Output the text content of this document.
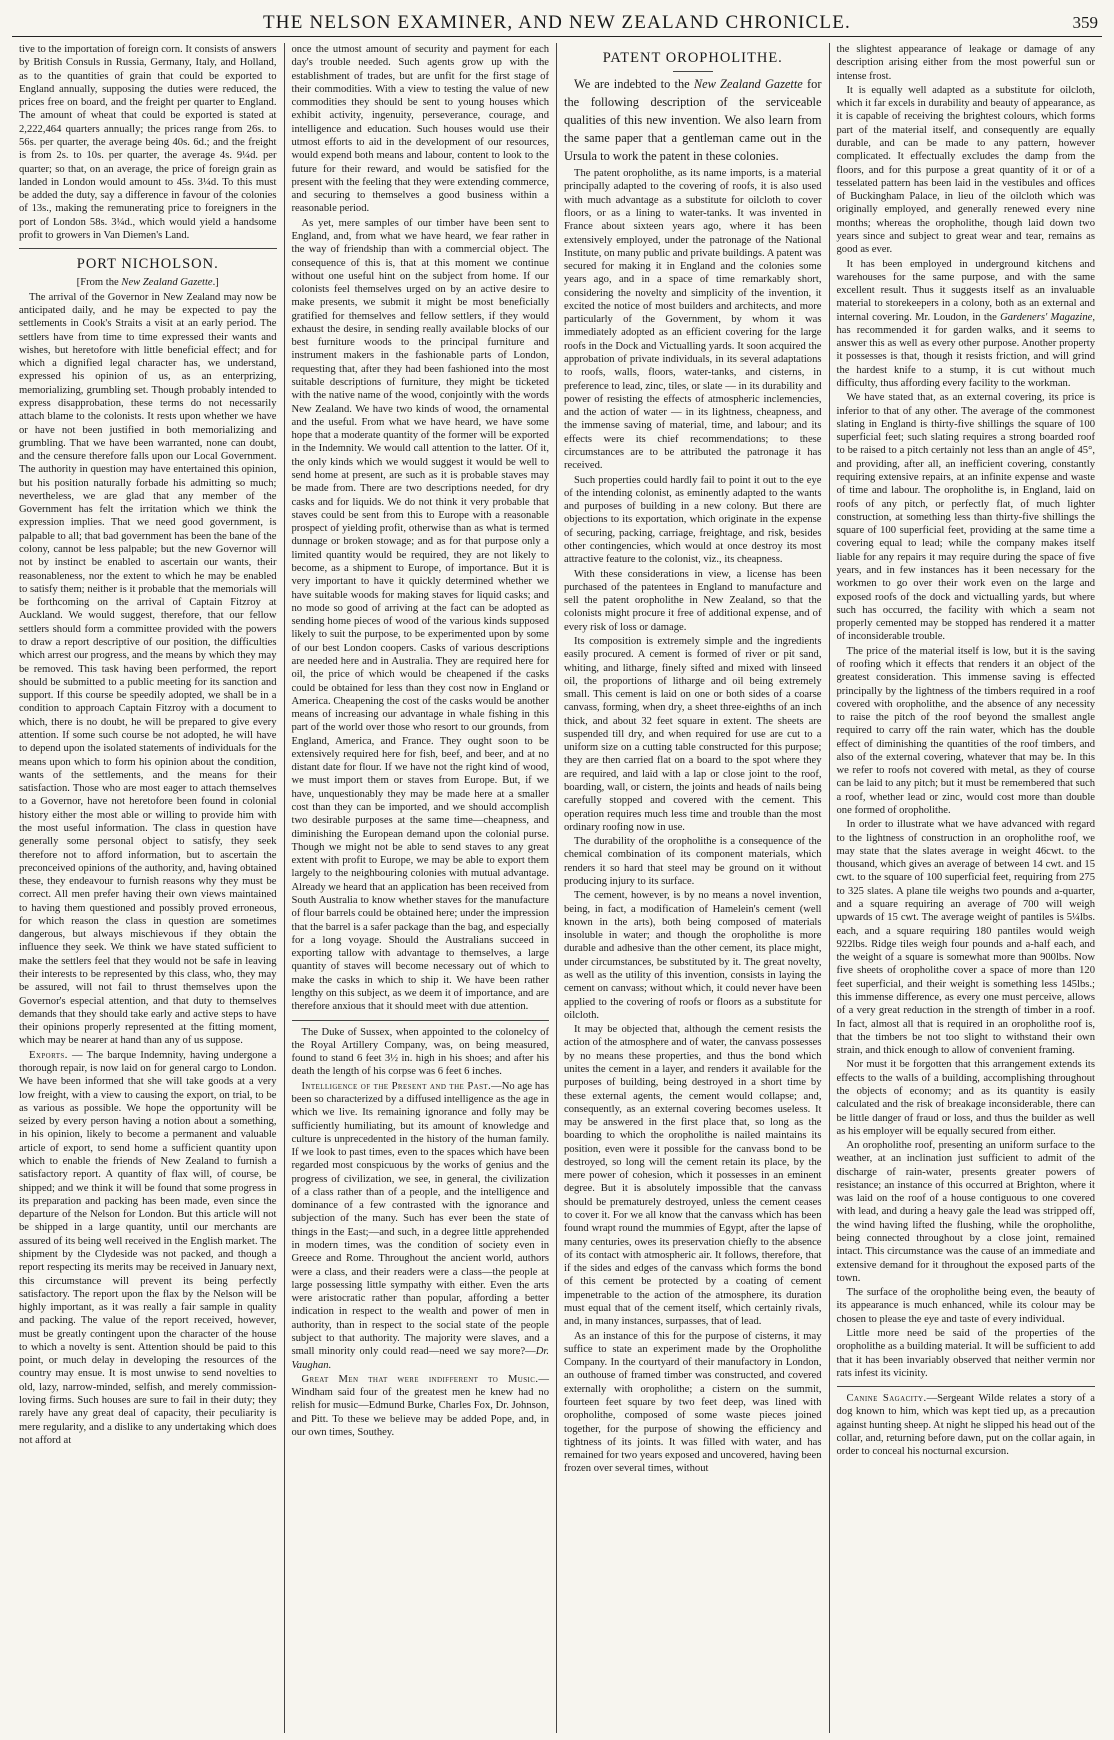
THE NELSON EXAMINER, AND NEW ZEALAND CHRONICLE.	359

tive to the importation of foreign corn. It consists of answers by British Consuls in Russia, Germany, Italy, and Holland, as to the quantities of grain that could be exported to England annually, supposing the duties were reduced, the prices free on board, and the freight per quarter to England. The amount of wheat that could be exported is stated at 2,222,464 quarters annually; the prices range from 26s. to 56s. per quarter, the average being 40s. 6d.; and the freight is from 2s. to 10s. per quarter, the average 4s. 9¼d. per quarter; so that, on an average, the price of foreign grain as landed in London would amount to 45s. 3¼d. To this must be added the duty, say a difference in favour of the colonies of 13s., making the remunerating price to foreigners in the port of London 58s. 3¼d., which would yield a handsome profit to growers in Van Diemen's Land.

PORT NICHOLSON.

[From the New Zealand Gazette.]

The arrival of the Governor in New Zealand may now be anticipated daily, and he may be expected to pay the settlements in Cook's Straits a visit at an early period. The settlers have from time to time expressed their wants and wishes, but heretofore with little beneficial effect; and for which a dignified legal character has, we understand, expressed his opinion of us, as an enterprizing, memorializing, grumbling set. Though probably intended to express disapprobation, these terms do not necessarily attach blame to the colonists. It rests upon whether we have or have not been justified in both memorializing and grumbling. That we have been warranted, none can doubt, and the censure therefore falls upon our Local Government. The authority in question may have entertained this opinion, but his position naturally forbade his admitting so much; nevertheless, we are glad that any member of the Government has felt the irritation which we think the expression implies. That we need good government, is palpable to all; that bad government has been the bane of the colony, cannot be less palpable; but the new Governor will not by instinct be enabled to ascertain our wants, their reasonableness, nor the extent to which he may be enabled to satisfy them; neither is it probable that the memorials will be forthcoming on the arrival of Captain Fitzroy at Auckland. We would suggest, therefore, that our fellow settlers should form a committee provided with the powers to draw a report descriptive of our position, the difficulties which arrest our progress, and the means by which they may be removed. This task having been performed, the report should be submitted to a public meeting for its sanction and support. If this course be speedily adopted, we shall be in a condition to approach Captain Fitzroy with a document to which, there is no doubt, he will be prepared to give every attention. If some such course be not adopted, he will have to depend upon the isolated statements of individuals for the means upon which to form his opinion about the condition, wants of the settlements, and the means for their satisfaction. Those who are most eager to attach themselves to a Governor, have not heretofore been found in colonial history either the most able or willing to provide him with the most useful information. The class in question have generally some personal object to satisfy, they seek therefore not to afford information, but to ascertain the preconceived opinions of the authority, and, having obtained these, they endeavour to furnish reasons why they must be correct. All men prefer having their own views maintained to having them questioned and possibly proved erroneous, for which reason the class in question are sometimes dangerous, but always mischievous if they obtain the influence they seek. We think we have stated sufficient to make the settlers feel that they would not be safe in leaving their interests to be represented by this class, who, they may be assured, will not fail to thrust themselves upon the Governor's especial attention, and that duty to themselves demands that they should take early and active steps to have their opinions properly represented at the fitting moment, which may be nearer at hand than any of us suppose.

Exports. — The barque Indemnity, having undergone a thorough repair, is now laid on for general cargo to London. We have been informed that she will take goods at a very low freight, with a view to causing the export, on trial, to be as various as possible. We hope the opportunity will be seized by every person having a notion about a something, in his opinion, likely to become a permanent and valuable article of export, to send home a sufficient quantity upon which to enable the friends of New Zealand to furnish a satisfactory report. A quantity of flax will, of course, be shipped; and we think it will be found that some progress in its preparation and packing has been made, even since the departure of the Nelson for London. But this article will not be shipped in a large quantity, until our merchants are assured of its being well received in the English market. The shipment by the Clydeside was not packed, and though a report respecting its merits may be received in January next, this circumstance will prevent its being perfectly satisfactory. The report upon the flax by the Nelson will be highly important, as it was really a fair sample in quality and packing. The value of the report received, however, must be greatly contingent upon the character of the house to which a novelty is sent. Attention should be paid to this point, or much delay in developing the resources of the country may ensue. It is most unwise to send novelties to old, lazy, narrow-minded, selfish, and merely commission-loving firms. Such houses are sure to fail in their duty; they rarely have any great deal of capacity, their peculiarity is mere regularity, and a dislike to any undertaking which does not afford at

once the utmost amount of security and payment for each day's trouble needed. Such agents grow up with the establishment of trades, but are unfit for the first stage of their commodities. With a view to testing the value of new commodities they should be sent to young houses which exhibit activity, ingenuity, perseverance, courage, and intelligence and education. Such houses would use their utmost efforts to aid in the development of our resources, would expend both means and labour, content to look to the future for their reward, and would be satisfied for the present with the feeling that they were extending commerce, and securing to themselves a good business within a reasonable period.

As yet, mere samples of our timber have been sent to England, and, from what we have heard, we fear rather in the way of friendship than with a commercial object. The consequence of this is, that at this moment we continue without one useful hint on the subject from home. If our colonists feel themselves urged on by an active desire to make presents, we submit it might be most beneficially gratified for themselves and fellow settlers, if they would exhaust the desire, in sending really available blocks of our best furniture woods to the principal furniture and instrument makers in the fashionable parts of London, requesting that, after they had been fashioned into the most suitable descriptions of furniture, they might be ticketed with the native name of the wood, conjointly with the words New Zealand. We have two kinds of wood, the ornamental and the useful. From what we have heard, we have some hope that a moderate quantity of the former will be exported in the Indemnity. We would call attention to the latter. Of it, the only kinds which we would suggest it would be well to send home at present, are such as it is probable staves may be made from. There are two descriptions needed, for dry casks and for liquids. We do not think it very probable that staves could be sent from this to Europe with a reasonable prospect of yielding profit, otherwise than as what is termed dunnage or broken stowage; and as for that purpose only a limited quantity would be required, they are not likely to become, as a shipment to Europe, of importance. But it is very important to have it quickly determined whether we have suitable woods for making staves for liquid casks; and no mode so good of arriving at the fact can be adopted as sending home pieces of wood of the various kinds supposed likely to suit the purpose, to be experimented upon by some of our best London coopers. Casks of various descriptions are needed here and in Australia. They are required here for oil, the price of which would be cheapened if the casks could be obtained for less than they cost now in England or America. Cheapening the cost of the casks would be another means of increasing our advantage in whale fishing in this part of the world over those who resort to our grounds, from England, America, and France. They ought soon to be extensively required here for fish, beef, and beer, and at no distant date for flour. If we have not the right kind of wood, we must import them or staves from Europe. But, if we have, unquestionably they may be made here at a smaller cost than they can be imported, and we should accomplish two desirable purposes at the same time—cheapness, and diminishing the European demand upon the colonial purse. Though we might not be able to send staves to any great extent with profit to Europe, we may be able to export them largely to the neighbouring colonies with mutual advantage. Already we heard that an application has been received from South Australia to know whether staves for the manufacture of flour barrels could be obtained here; under the impression that the barrel is a safer package than the bag, and especially for a long voyage. Should the Australians succeed in exporting tallow with advantage to themselves, a large quantity of staves will become necessary out of which to make the casks in which to ship it. We have been rather lengthy on this subject, as we deem it of importance, and are therefore anxious that it should meet with due attention.

The Duke of Sussex, when appointed to the colonelcy of the Royal Artillery Company, was, on being measured, found to stand 6 feet 3½ in. high in his shoes; and after his death the length of his corpse was 6 feet 6 inches.

Intelligence of the Present and the Past.—No age has been so characterized by a diffused intelligence as the age in which we live. Its remaining ignorance and folly may be sufficiently humiliating, but its amount of knowledge and culture is unprecedented in the history of the human family. If we look to past times, even to the spaces which have been regarded most conspicuous by the works of genius and the progress of civilization, we see, in general, the civilization of a class rather than of a people, and the intelligence and dominance of a few contrasted with the ignorance and subjection of the many. Such has ever been the state of things in the East;—and such, in a degree little apprehended in modern times, was the condition of society even in Greece and Rome. Throughout the ancient world, authors were a class, and their readers were a class—the people at large possessing little sympathy with either. Even the arts were aristocratic rather than popular, affording a better indication in respect to the wealth and power of men in authority, than in respect to the social state of the people subject to that authority. The majority were slaves, and a small minority only could read—need we say more?—Dr. Vaughan.

Great Men that were indifferent to Music.—Windham said four of the greatest men he knew had no relish for music—Edmund Burke, Charles Fox, Dr. Johnson, and Pitt. To these we believe may be added Pope, and, in our own times, Southey.

PATENT OROPHOLITHE.

We are indebted to the New Zealand Gazette for the following description of the serviceable qualities of this new invention. We also learn from the same paper that a gentleman came out in the Ursula to work the patent in these colonies.

The patent oropholithe, as its name imports, is a material principally adapted to the covering of roofs, it is also used with much advantage as a substitute for oilcloth to cover floors, or as a lining to water-tanks. It was invented in France about sixteen years ago, where it has been extensively employed, under the patronage of the National Institute, on many public and private buildings. A patent was secured for making it in England and the colonies some years ago, and in a space of time remarkably short, considering the novelty and simplicity of the invention, it excited the notice of most builders and architects, and more particularly of the Government, by whom it was immediately adopted as an efficient covering for the large roofs in the Dock and Victualling yards. It soon acquired the approbation of private individuals, in its several adaptations to roofs, walls, floors, water-tanks, and cisterns, in preference to lead, zinc, tiles, or slate — in its durability and power of resisting the effects of atmospheric inclemencies, and the action of water — in its lightness, cheapness, and the immense saving of material, time, and labour; and its effects were its chief recommendations; to these circumstances are to be attributed the patronage it has received.

Such properties could hardly fail to point it out to the eye of the intending colonist, as eminently adapted to the wants and purposes of building in a new colony. But there are objections to its exportation, which originate in the expense of securing, packing, carriage, freightage, and risk, besides other contingencies, which would at once destroy its most attractive feature to the colonist, viz., its cheapness.

With these considerations in view, a license has been purchased of the patentees in England to manufacture and sell the patent oropholithe in New Zealand, so that the colonists might procure it free of additional expense, and of every risk of loss or damage.

Its composition is extremely simple and the ingredients easily procured. A cement is formed of river or pit sand, whiting, and litharge, finely sifted and mixed with linseed oil, the proportions of litharge and oil being extremely small. This cement is laid on one or both sides of a coarse canvass, forming, when dry, a sheet three-eighths of an inch thick, and about 32 feet square in extent. The sheets are suspended till dry, and when required for use are cut to a uniform size on a cutting table constructed for this purpose; they are then carried flat on a board to the spot where they are required, and laid with a lap or close joint to the roof, boarding, wall, or cistern, the joints and heads of nails being carefully stopped and covered with the cement. This operation requires much less time and trouble than the most ordinary roofing now in use.

The durability of the oropholithe is a consequence of the chemical combination of its component materials, which renders it so hard that steel may be ground on it without producing injury to its surface.

The cement, however, is by no means a novel invention, being, in fact, a modification of Hamelein's cement (well known in the arts), both being composed of materials insoluble in water; and though the oropholithe is more durable and adhesive than the other cement, its place might, under circumstances, be substituted by it. The great novelty, as well as the utility of this invention, consists in laying the cement on canvass; without which, it could never have been applied to the covering of roofs or floors as a substitute for oilcloth.

It may be objected that, although the cement resists the action of the atmosphere and of water, the canvass possesses by no means these properties, and thus the bond which unites the cement in a layer, and renders it available for the purposes of building, being destroyed in a short time by these external agents, the cement would collapse; and, consequently, as an external covering becomes useless. It may be answered in the first place that, so long as the boarding to which the oropholithe is nailed maintains its position, even were it possible for the canvass bond to be destroyed, so long will the cement retain its place, by the mere power of cohesion, which it possesses in an eminent degree. But it is absolutely impossible that the canvass should be prematurely destroyed, unless the cement ceases to cover it. For we all know that the canvass which has been found wrapt round the mummies of Egypt, after the lapse of many centuries, owes its preservation chiefly to the absence of its contact with atmospheric air. It follows, therefore, that if the sides and edges of the canvass which forms the bond of this cement be protected by a coating of cement impenetrable to the action of the atmosphere, its duration must equal that of the cement itself, which certainly rivals, and, in many instances, surpasses, that of lead.

As an instance of this for the purpose of cisterns, it may suffice to state an experiment made by the Oropholithe Company. In the courtyard of their manufactory in London, an outhouse of framed timber was constructed, and covered externally with oropholithe; a cistern on the summit, fourteen feet square by two feet deep, was lined with oropholithe, composed of some waste pieces joined together, for the purpose of showing the efficiency and tightness of its joints. It was filled with water, and has remained for two years exposed and uncovered, having been frozen over several times, without

the slightest appearance of leakage or damage of any description arising either from the most powerful sun or intense frost.

It is equally well adapted as a substitute for oilcloth, which it far excels in durability and beauty of appearance, as it is capable of receiving the brightest colours, which forms part of the material itself, and consequently are equally durable, and can be made to any pattern, however complicated. It effectually excludes the damp from the floors, and for this purpose a great quantity of it or of a tesselated pattern has been laid in the vestibules and offices of Buckingham Palace, in lieu of the oilcloth which was originally employed, and generally renewed every nine months; whereas the oropholithe, though laid down two years since and subject to great wear and tear, remains as good as ever.

It has been employed in underground kitchens and warehouses for the same purpose, and with the same excellent result. Thus it suggests itself as an invaluable material to storekeepers in a colony, both as an external and internal covering. Mr. Loudon, in the Gardeners' Magazine, has recommended it for garden walks, and it seems to answer this as well as every other purpose. Another property it possesses is that, though it resists friction, and will grind the hardest knife to a stump, it is cut without much difficulty, thus affording every facility to the workman.

We have stated that, as an external covering, its price is inferior to that of any other. The average of the commonest slating in England is thirty-five shillings the square of 100 superficial feet; such slating requires a strong boarded roof to be raised to a pitch certainly not less than an angle of 45°, and providing, after all, an inefficient covering, constantly requiring extensive repairs, at an infinite expense and waste of time and labour. The oropholithe is, in England, laid on roofs of any pitch, or perfectly flat, of much lighter construction, at something less than thirty-five shillings the square of 100 superficial feet, providing at the same time a covering equal to lead; while the company makes itself liable for any repairs it may require during the space of five years, and in few instances has it been necessary for the workmen to go over their work even on the large and exposed roofs of the dock and victualling yards, but where such has occurred, the facility with which a seam not properly cemented may be stopped has rendered it a matter of inconsiderable trouble.

The price of the material itself is low, but it is the saving of roofing which it effects that renders it an object of the greatest consideration. This immense saving is effected principally by the lightness of the timbers required in a roof covered with oropholithe, and the absence of any necessity to raise the pitch of the roof beyond the smallest angle required to carry off the rain water, which has the double effect of diminishing the quantities of the roof timbers, and also of the external covering, whatever that may be. In this we refer to roofs not covered with metal, as they of course can be laid to any pitch; but it must be remembered that such a roof, whether lead or zinc, would cost more than double one formed of oropholithe.

In order to illustrate what we have advanced with regard to the lightness of construction in an oropholithe roof, we may state that the slates average in weight 46cwt. to the thousand, which gives an average of between 14 cwt. and 15 cwt. to the square of 100 superficial feet, requiring from 275 to 325 slates. A plane tile weighs two pounds and a-quarter, and a square requiring an average of 700 will weigh upwards of 15 cwt. The average weight of pantiles is 5¼lbs. each, and a square requiring 180 pantiles would weigh 922lbs. Ridge tiles weigh four pounds and a-half each, and the weight of a square is somewhat more than 900lbs. Now five sheets of oropholithe cover a space of more than 120 feet superficial, and their weight is something less 145lbs.; this immense difference, as every one must perceive, allows of a very great reduction in the strength of timber in a roof. In fact, almost all that is required in an oropholithe roof is, that the timbers be not too slight to withstand their own strain, and thick enough to allow of convenient framing.

Nor must it be forgotten that this arrangement extends its effects to the walls of a building, accomplishing throughout the objects of economy; and as its quantity is easily calculated and the risk of breakage inconsiderable, there can be little danger of fraud or loss, and thus the builder as well as his employer will be equally secured from either.

An oropholithe roof, presenting an uniform surface to the weather, at an inclination just sufficient to admit of the discharge of rain-water, presents greater powers of resistance; an instance of this occurred at Brighton, where it was laid on the roof of a house contiguous to one covered with lead, and during a heavy gale the lead was stripped off, the wind having lifted the flushing, while the oropholithe, being connected throughout by a close joint, remained intact. This circumstance was the cause of an immediate and extensive demand for it throughout the exposed parts of the town.

The surface of the oropholithe being even, the beauty of its appearance is much enhanced, while its colour may be chosen to please the eye and taste of every individual.

Little more need be said of the properties of the oropholithe as a building material. It will be sufficient to add that it has been invariably observed that neither vermin nor rats infest its vicinity.

Canine Sagacity.—Sergeant Wilde relates a story of a dog known to him, which was kept tied up, as a precaution against hunting sheep. At night he slipped his head out of the collar, and, returning before dawn, put on the collar again, in order to conceal his nocturnal excursion.
